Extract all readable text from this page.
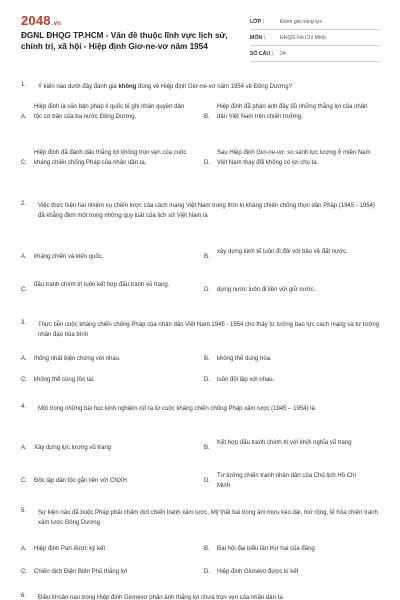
2048.vn
ĐGNL ĐHQG TP.HCM - Vấn đề thuộc lĩnh vực lịch sử, chính trị, xã hội - Hiệp định Giơ-ne-vơ năm 1954
LỚP :	Đánh giá năng lực
MÔN :	ĐHQG Hồ Chí Minh
SỐ CÂU :	24
1. Ý kiến nào dưới đây đánh giá không đúng về Hiệp định Giơ-ne-vơ năm 1954 về Đông Dương?
A.
Hiệp định là văn bản pháp lí quốc tế ghi nhận quyền dân tộc cơ bản của ba nước Đông Dương.	B.
Hiệp định đã phản ánh đầy đủ những thắng lợi của nhân dân Việt Nam trên chiến trường.
C.
Hiệp định đã đánh dấu thắng lợi không trọn vẹn của cuộc kháng chiến chống Pháp của nhân dân ta.	D.
Sau Hiệp định Giơ-ne-vơ, so sánh lực lượng ở miền Nam Việt Nam thay đổi không có lợi cho ta.
2. Việc thực hiện hai nhiệm vụ chiến lược của cách mạng Việt Nam trong thời kì kháng chiến chống thực dân Pháp (1945 - 1954) đã khẳng định một trong những quy luật của lịch sử Việt Nam là
A. kháng chiến và kiến quốc.	B.
xây dựng kinh tế luôn đi đôi với bảo vệ đất nước.
C.
đấu tranh chính trị luôn kết hợp đấu tranh vũ trang.
D. dựng nước luôn đi liền với giữ nước.
3. Thực tiễn cuộc kháng chiến chống Pháp của nhân dân Việt Nam 1945 - 1954 cho thấy tư tưởng bạo lực cách mạng và tư tưởng nhân đạo hòa bình
A. thống nhất biện chứng với nhau.	B. không thể dung hòa.
C. không thể cùng tồn tại.	D. luôn đối lập với nhau.
4. Một trong những bài học kinh nghiệm rút ra từ cuộc kháng chiến chống Pháp xâm lược (1945 – 1954) là
A. Xây dựng lực lượng vũ trang	B.
Kết hợp đấu tranh chính trị với khởi nghĩa vũ trang
C. Độc lập dân tộc gắn liền với CNXH	D.
Tư tưởng chiến tranh nhân dân của Chủ tịch Hồ Chí Minh
5. Sự kiện nào đã buộc Pháp phải chấm dứt chiến tranh xâm lược, Mỹ thất bại trong âm mưu kéo dài, mở rộng, tế hóa chiến tranh xâm lược Đông Dương
A. Hiệp định Pari được kỷ kết	B. Đại hội đại biểu lần thứ hai của đảng
C. Chiến dịch Điện Biên Phủ thắng lợi	D. Hiệp định Gionevo được kí kết
6. Điều khoản nào trong Hiệp định Giơnevơ phản ánh thắng lợi chưa trọn vẹn của nhân dân ta
